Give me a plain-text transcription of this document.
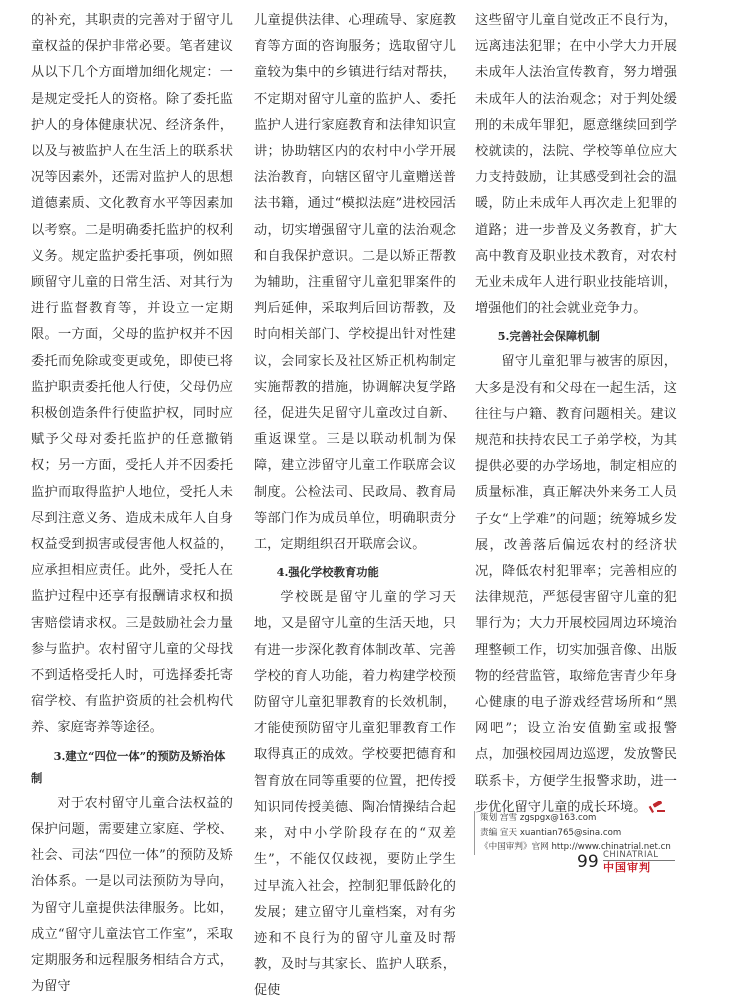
的补充，其职责的完善对于留守儿童权益的保护非常必要。笔者建议从以下几个方面增加细化规定：一是规定受托人的资格。除了委托监护人的身体健康状况、经济条件，以及与被监护人在生活上的联系状况等因素外，还需对监护人的思想道德素质、文化教育水平等因素加以考察。二是明确委托监护的权利义务。规定监护委托事项，例如照顾留守儿童的日常生活、对其行为进行监督教育等，并设立一定期限。一方面，父母的监护权并不因委托而免除或变更或免，即使已将监护职责委托他人行使，父母仍应积极创造条件行使监护权，同时应赋予父母对委托监护的任意撤销权；另一方面，受托人并不因委托监护而取得监护人地位，受托人未尽到注意义务、造成未成年人自身权益受到损害或侵害他人权益的，应承担相应责任。此外，受托人在监护过程中还享有报酬请求权和损害赔偿请求权。三是鼓励社会力量参与监护。农村留守儿童的父母找不到适格受托人时，可选择委托寄宿学校、有监护资质的社会机构代养、家庭寄养等途径。

3.建立“四位一体”的预防及矫治体
制

对于农村留守儿童合法权益的保护问题，需要建立家庭、学校、社会、司法“四位一体”的预防及矫治体系。一是以司法预防为导向，为留守儿童提供法律服务。比如，成立“留守儿童法官工作室”，采取定期服务和远程服务相结合方式，为留守

儿童提供法律、心理疏导、家庭教育等方面的咨询服务；选取留守儿童较为集中的乡镇进行结对帮扶，不定期对留守儿童的监护人、委托监护人进行家庭教育和法律知识宣讲；协助辖区内的农村中小学开展法治教育，向辖区留守儿童赠送普法书籍，通过“模拟法庭”进校园活动，切实增强留守儿童的法治观念和自我保护意识。二是以矫正帮教为辅助，注重留守儿童犯罪案件的判后延伸，采取判后回访帮教，及时向相关部门、学校提出针对性建议，会同家长及社区矫正机构制定实施帮教的措施，协调解决复学路径，促进失足留守儿童改过自新、重返课堂。三是以联动机制为保障，建立涉留守儿童工作联席会议制度。公检法司、民政局、教育局等部门作为成员单位，明确职责分工，定期组织召开联席会议。

4.强化学校教育功能

学校既是留守儿童的学习天地，又是留守儿童的生活天地，只有进一步深化教育体制改革、完善学校的育人功能，着力构建学校预防留守儿童犯罪教育的长效机制，才能使预防留守儿童犯罪教育工作取得真正的成效。学校要把德育和智育放在同等重要的位置，把传授知识同传授美德、陶冶情操结合起来，对中小学阶段存在的“双差生”，不能仅仅歧视，要防止学生过早流入社会，控制犯罪低龄化的发展；建立留守儿童档案，对有劣迹和不良行为的留守儿童及时帮教，及时与其家长、监护人联系，促使

这些留守儿童自觉改正不良行为，远离违法犯罪；在中小学大力开展未成年人法治宣传教育，努力增强未成年人的法治观念；对于判处缓刑的未成年罪犯，愿意继续回到学校就读的，法院、学校等单位应大力支持鼓励，让其感受到社会的温暖，防止未成年人再次走上犯罪的道路；进一步普及义务教育，扩大高中教育及职业技术教育，对农村无业未成年人进行职业技能培训，增强他们的社会就业竞争力。

5.完善社会保障机制

留守儿童犯罪与被害的原因，大多是没有和父母在一起生活，这往往与户籍、教育问题相关。建议规范和扶持农民工子弟学校，为其提供必要的办学场地，制定相应的质量标准，真正解决外来务工人员子女“上学难”的问题；统筹城乡发展，改善落后偏远农村的经济状况，降低农村犯罪率；完善相应的法律规范，严惩侵害留守儿童的犯罪行为；大力开展校园周边环境治理整顿工作，切实加强音像、出版物的经营监管，取缔危害青少年身心健康的电子游戏经营场所和“黑网吧”；设立治安值勤室或报警点，加强校园周边巡逻，发放警民联系卡，方便学生报警求助，进一步优化留守儿童的成长环境。

策划 宫雪 zgspgx@163.com
责编 宣天 xuantian765@sina.com
《中国审判》官网 http://www.chinatrial.net.cn
99 CHINATRIAL
中国审判
